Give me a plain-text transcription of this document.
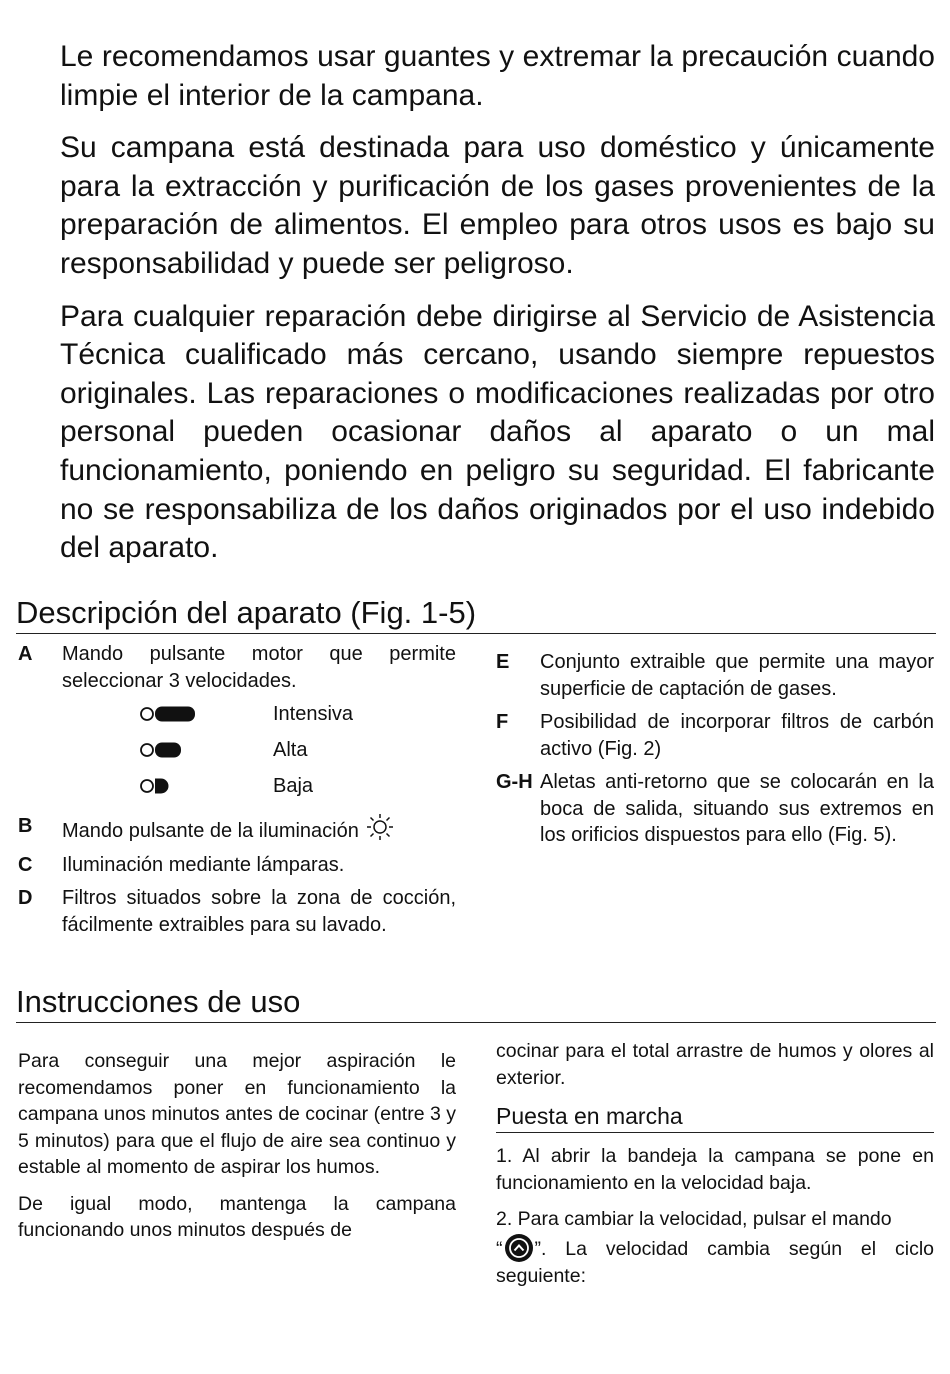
Le recomendamos usar guantes y extremar la precaución cuando limpie el interior de la campana.

Su campana está destinada para uso doméstico y únicamente para la extracción y purificación de los gases provenientes de la preparación de alimentos. El empleo para otros usos es bajo su responsabilidad y puede ser peligroso.

Para cualquier reparación debe dirigirse al Servicio de Asistencia Técnica cualificado más cercano, usando siempre repuestos originales. Las reparaciones o modificaciones realizadas por otro personal pueden ocasionar daños al aparato o un mal funcionamiento, poniendo en peligro su seguridad. El fabricante no se responsabiliza de los daños originados por el uso indebido del aparato.

Descripción del aparato (Fig. 1-5)
A Mando pulsante motor que permite seleccionar 3 velocidades.
Intensiva
Alta
Baja
B Mando pulsante de la iluminación
C Iluminación mediante lámparas.
D Filtros situados sobre la zona de cocción, fácilmente extraibles para su lavado.
E Conjunto extraible que permite una mayor superficie de captación de gases.
F Posibilidad de incorporar filtros de carbón activo (Fig. 2)
G-H Aletas anti-retorno que se colocarán en la boca de salida, situando sus extremos en los orificios dispuestos para ello (Fig. 5).
Instrucciones de uso

Para conseguir una mejor aspiración le recomendamos poner en funcionamiento la campana unos minutos antes de cocinar (entre 3 y 5 minutos) para que el flujo de aire sea continuo y estable al momento de aspirar los humos.

De igual modo, mantenga la campana funcionando unos minutos después de

cocinar para el total arrastre de humos y olores al exterior.

Puesta en marcha

1. Al abrir la bandeja la campana se pone en funcionamiento en la velocidad baja.

2. Para cambiar la velocidad, pulsar el mando
“ ”. La velocidad cambia según el ciclo seguiente:
